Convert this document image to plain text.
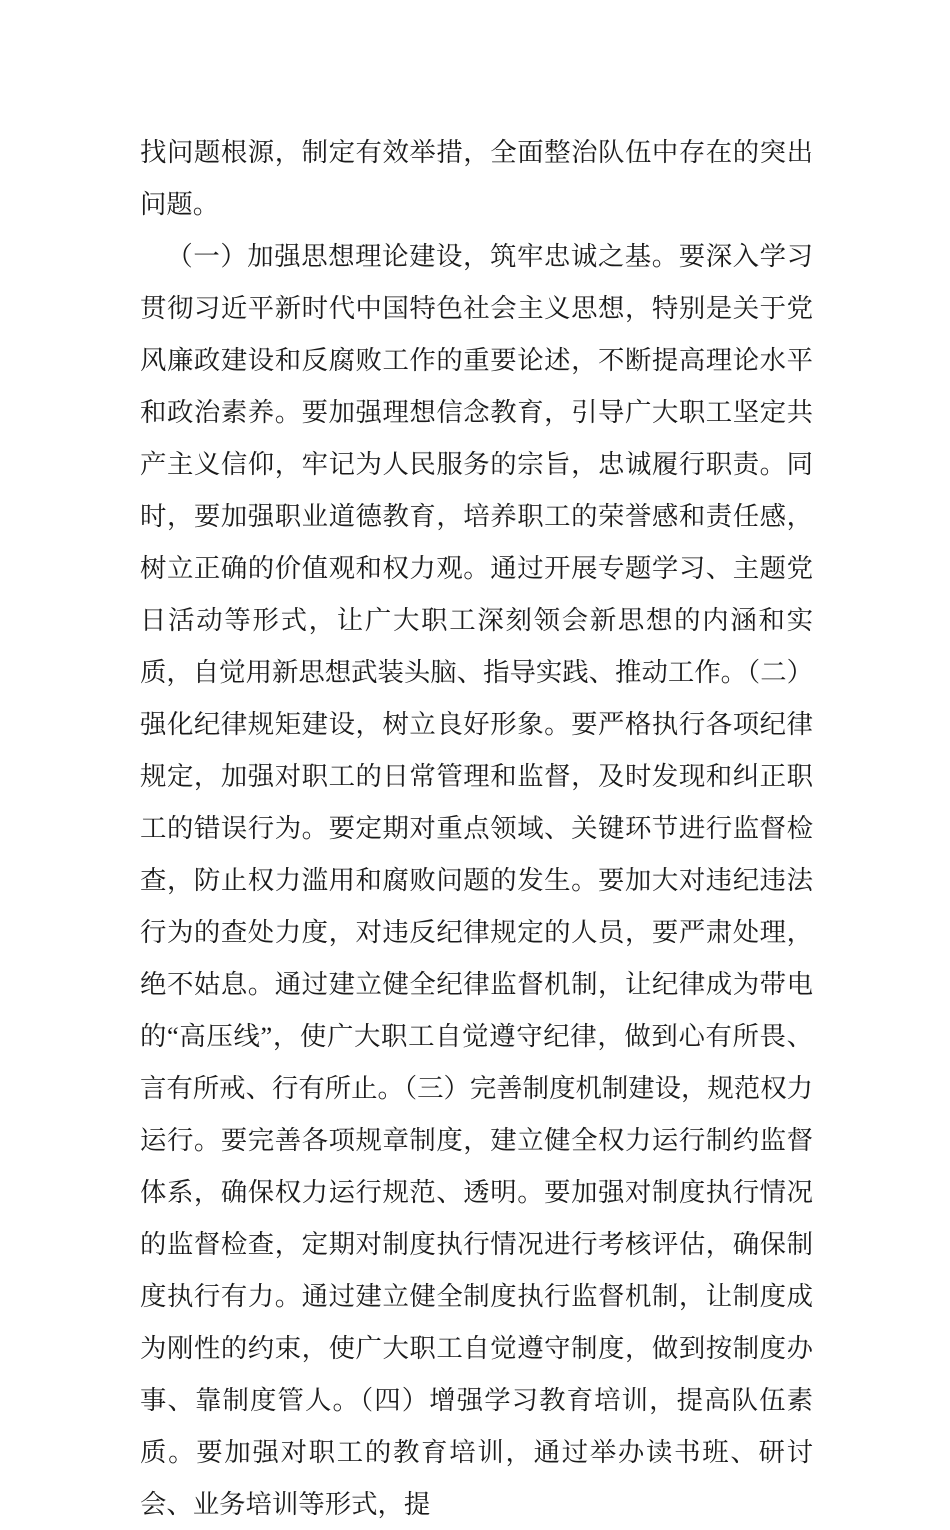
找问题根源，制定有效举措，全面整治队伍中存在的突出问题。

（一）加强思想理论建设，筑牢忠诚之基。要深入学习贯彻习近平新时代中国特色社会主义思想，特别是关于党风廉政建设和反腐败工作的重要论述，不断提高理论水平和政治素养。要加强理想信念教育，引导广大职工坚定共产主义信仰，牢记为人民服务的宗旨，忠诚履行职责。同时，要加强职业道德教育，培养职工的荣誉感和责任感，树立正确的价值观和权力观。通过开展专题学习、主题党日活动等形式，让广大职工深刻领会新思想的内涵和实质，自觉用新思想武装头脑、指导实践、推动工作。（二）强化纪律规矩建设，树立良好形象。要严格执行各项纪律规定，加强对职工的日常管理和监督，及时发现和纠正职工的错误行为。要定期对重点领域、关键环节进行监督检查，防止权力滥用和腐败问题的发生。要加大对违纪违法行为的查处力度，对违反纪律规定的人员，要严肃处理，绝不姑息。通过建立健全纪律监督机制，让纪律成为带电的“高压线”，使广大职工自觉遵守纪律，做到心有所畏、言有所戒、行有所止。（三）完善制度机制建设，规范权力运行。要完善各项规章制度，建立健全权力运行制约监督体系，确保权力运行规范、透明。要加强对制度执行情况的监督检查，定期对制度执行情况进行考核评估，确保制度执行有力。通过建立健全制度执行监督机制，让制度成为刚性的约束，使广大职工自觉遵守制度，做到按制度办事、靠制度管人。（四）增强学习教育培训，提高队伍素质。要加强对职工的教育培训，通过举办读书班、研讨会、业务培训等形式，提
